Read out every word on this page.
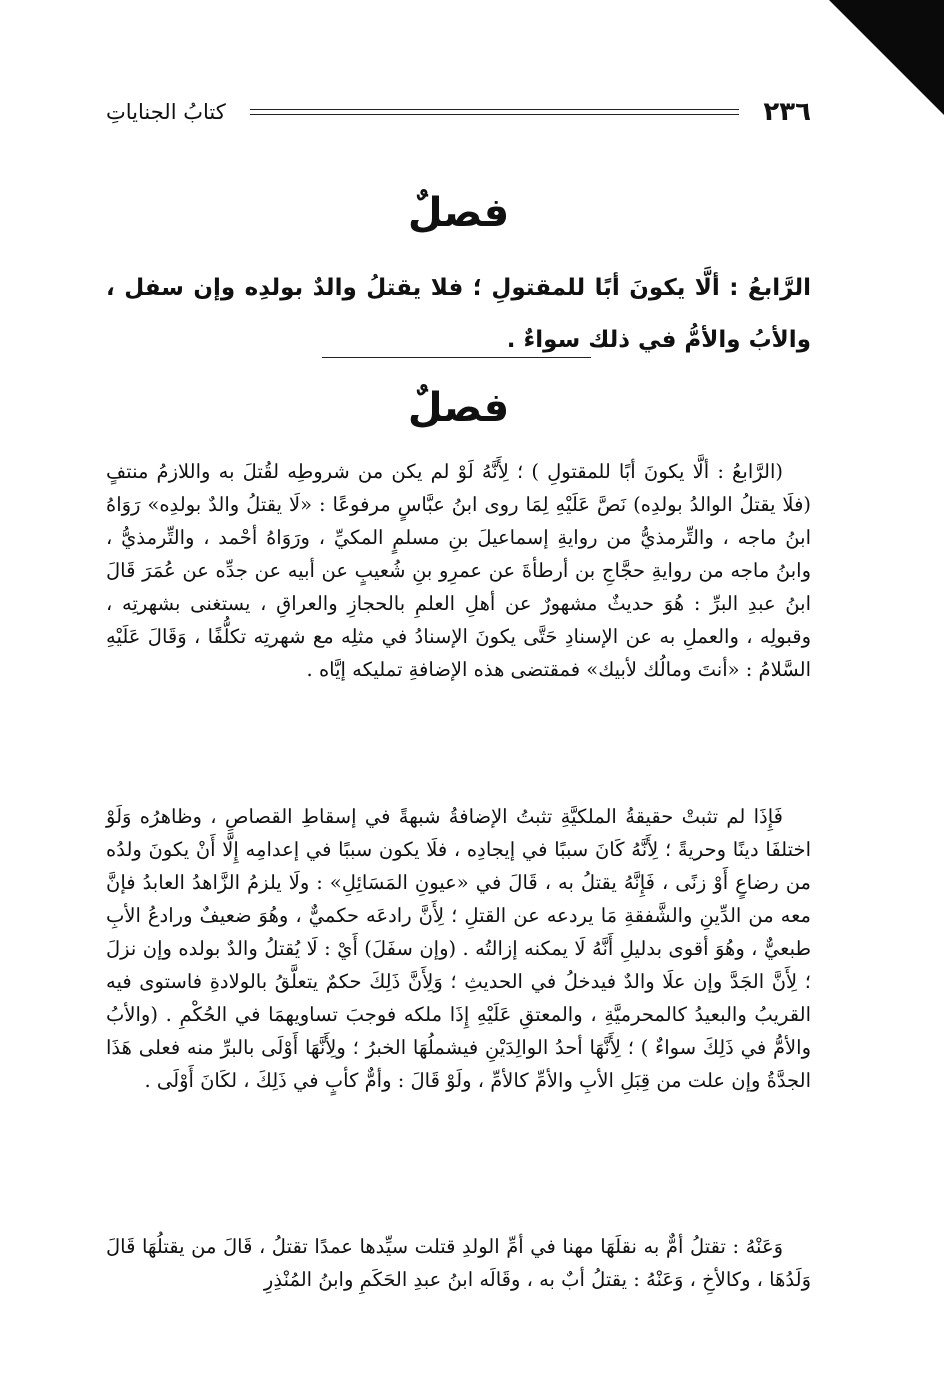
٢٣٦
كتابُ الجناياتِ
فصلٌ
الرَّابعُ : ألَّا يكونَ أبًا للمقتولِ ؛ فلا يقتلُ والدٌ بولدِه وإن سفل ، والأبُ والأمُّ في ذلك سواءٌ .
فصلٌ

(الرَّابعُ : ألَّا يكونَ أبًا للمقتولِ ) ؛ لِأَنَّهُ لَوْ لم يكن من شروطِه لقُتلَ به واللازمُ منتفٍ (فلَا يقتلُ الوالدُ بولدِه) نَصَّ عَلَيْهِ لِمَا روى ابنُ عبَّاسٍ مرفوعًا : «لَا يقتلُ والدٌ بولدِه» رَوَاهُ ابنُ ماجه ، والتِّرمذيُّ من روايةِ إسماعيلَ بنِ مسلمٍ المكيِّ ، ورَوَاهُ أحْمد ، والتِّرمذيُّ ، وابنُ ماجه من روايةِ حجَّاجِ بن أرطأةَ عن عمرِو بنِ شُعيبٍ عن أبيه عن جدِّه عن عُمَرَ قَالَ ابنُ عبدِ البرِّ : هُوَ حديثٌ مشهورٌ عن أهلِ العلمِ بالحجازِ والعراقِ ، يستغنى بشهرتِه ، وقبولِه ، والعملِ به عن الإسنادِ حَتَّى يكونَ الإسنادُ في مثلِه مع شهرتِه تكلُّفًا ، وَقَالَ عَلَيْهِ السَّلامُ : «أنتَ ومالُك لأبيك» فمقتضى هذه الإضافةِ تمليكه إيَّاه .

فَإِذَا لم تثبتْ حقيقةُ الملكيَّةِ تثبتُ الإضافةُ شبهةً في إسقاطِ القصاصِ ، وظاهرُه وَلَوْ اختلفَا دينًا وحريةً ؛ لِأَنَّهُ كَانَ سببًا في إيجادِه ، فلَا يكون سببًا في إعدامِه إِلَّا أَنْ يكونَ ولدُه من رضاعٍ أَوْ زنًى ، فَإِنَّهُ يقتلُ به ، قَالَ في «عيونِ المَسَائِلِ» : ولَا يلزمُ الزَّاهدُ العابدُ فإنَّ معه من الدِّينِ والشَّفقةِ مَا يردعه عن القتلِ ؛ لِأَنَّ رادعَه حكميٌّ ، وهُوَ ضعيفٌ ورادعُ الأبِ طبعيٌّ ، وهُوَ أقوى بدليلِ أَنَّهُ لَا يمكنه إزالتُه . (وإن سفَلَ) أَيْ : لَا يُقتلُ والدٌ بولده وإن نزلَ ؛ لِأَنَّ الجَدَّ وإن علَا والدٌ فيدخلُ في الحديثِ ؛ وَلِأَنَّ ذَلِكَ حكمٌ يتعلَّقُ بالولادةِ فاستوى فيه القريبُ والبعيدُ كالمحرميَّةِ ، والمعتقِ عَلَيْهِ إِذَا ملكه فوجبَ تساويهمَا في الحُكْمِ . (والأبُ والأمُّ في ذَلِكَ سواءٌ ) ؛ لِأَنَّهَا أحدُ الوالِدَيْنِ فيشملُهَا الخبرُ ؛ ولِأَنَّهَا أَوْلَى بالبرِّ منه فعلى هَذَا الجدَّةُ وإن علت من قِبَلِ الأبِ والأمِّ كالأمِّ ، ولَوْ قَالَ : وأمٌّ كأبٍ في ذَلِكَ ، لكَانَ أَوْلَى .

وَعَنْهُ : تقتلُ أمٌّ به نقلَهَا مهنا في أمِّ الولدِ قتلت سيِّدها عمدًا تقتلُ ، قَالَ من يقتلُهَا قَالَ وَلَدُهَا ، وكالأخِ ، وَعَنْهُ : يقتلُ أبٌ به ، وقَالَه ابنُ عبدِ الحَكَمِ وابنُ المُنْذِرِ
